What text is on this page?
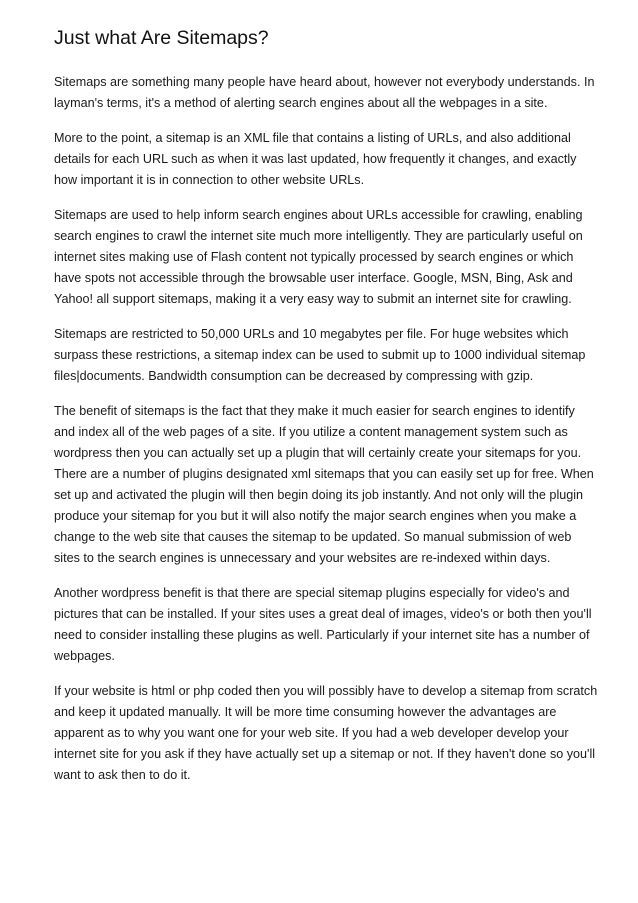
Just what Are Sitemaps?

Sitemaps are something many people have heard about, however not everybody understands. In layman's terms, it's a method of alerting search engines about all the webpages in a site.

More to the point, a sitemap is an XML file that contains a listing of URLs, and also additional details for each URL such as when it was last updated, how frequently it changes, and exactly how important it is in connection to other website URLs.

Sitemaps are used to help inform search engines about URLs accessible for crawling, enabling search engines to crawl the internet site much more intelligently. They are particularly useful on internet sites making use of Flash content not typically processed by search engines or which have spots not accessible through the browsable user interface. Google, MSN, Bing, Ask and Yahoo! all support sitemaps, making it a very easy way to submit an internet site for crawling.

Sitemaps are restricted to 50,000 URLs and 10 megabytes per file. For huge websites which surpass these restrictions, a sitemap index can be used to submit up to 1000 individual sitemap files|documents. Bandwidth consumption can be decreased by compressing with gzip.

The benefit of sitemaps is the fact that they make it much easier for search engines to identify and index all of the web pages of a site. If you utilize a content management system such as wordpress then you can actually set up a plugin that will certainly create your sitemaps for you. There are a number of plugins designated xml sitemaps that you can easily set up for free. When set up and activated the plugin will then begin doing its job instantly. And not only will the plugin produce your sitemap for you but it will also notify the major search engines when you make a change to the web site that causes the sitemap to be updated. So manual submission of web sites to the search engines is unnecessary and your websites are re-indexed within days.

Another wordpress benefit is that there are special sitemap plugins especially for video's and pictures that can be installed. If your sites uses a great deal of images, video's or both then you'll need to consider installing these plugins as well. Particularly if your internet site has a number of webpages.

If your website is html or php coded then you will possibly have to develop a sitemap from scratch and keep it updated manually. It will be more time consuming however the advantages are apparent as to why you want one for your web site. If you had a web developer develop your internet site for you ask if they have actually set up a sitemap or not. If they haven't done so you'll want to ask then to do it.
